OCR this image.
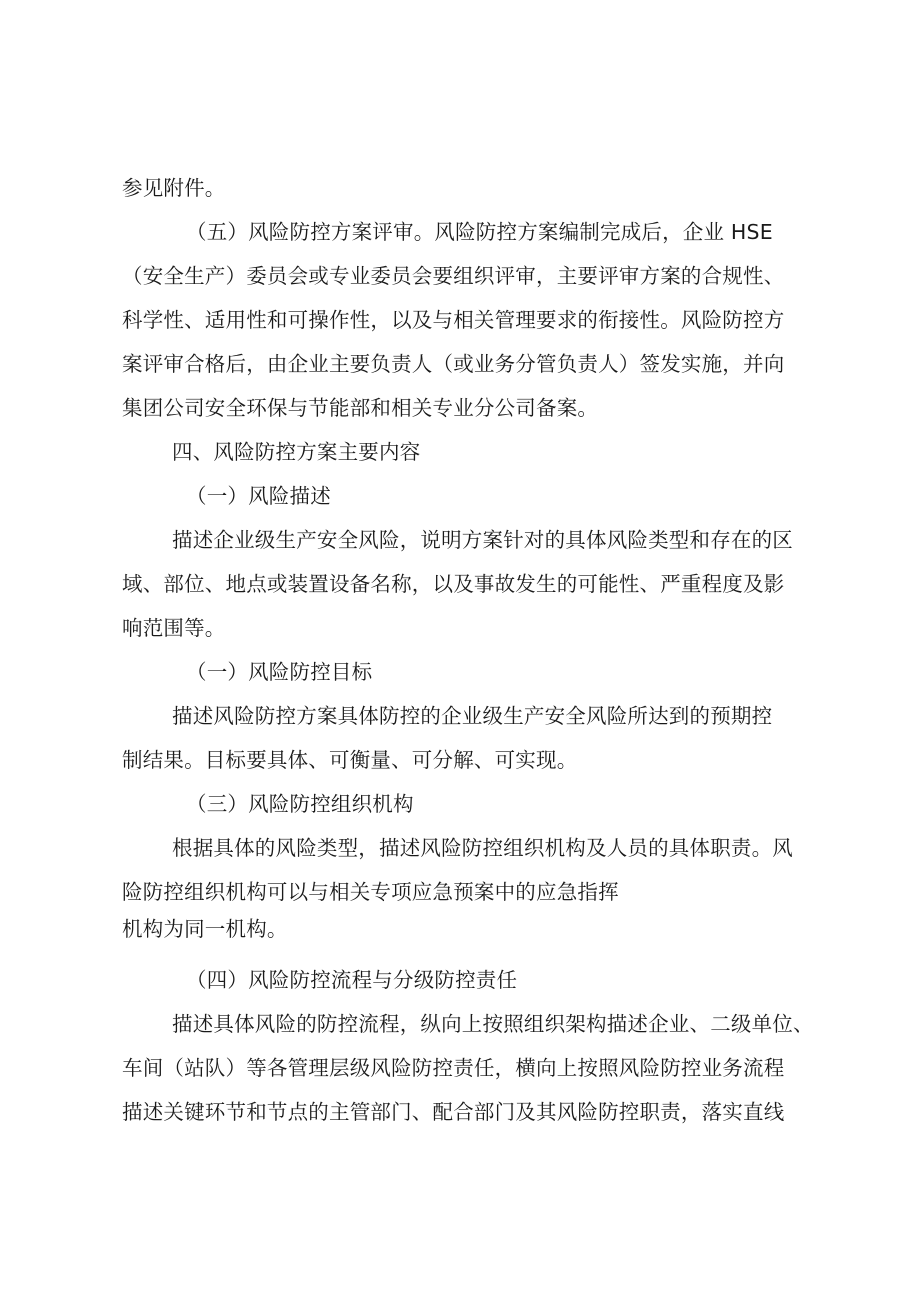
参见附件。
（五）风险防控方案评审。风险防控方案编制完成后，企业 HSE
（安全生产）委员会或专业委员会要组织评审，主要评审方案的合规性、
科学性、适用性和可操作性，以及与相关管理要求的衔接性。风险防控方
案评审合格后，由企业主要负责人（或业务分管负责人）签发实施，并向
集团公司安全环保与节能部和相关专业分公司备案。
四、风险防控方案主要内容
（一）风险描述
描述企业级生产安全风险，说明方案针对的具体风险类型和存在的区
域、部位、地点或装置设备名称，以及事故发生的可能性、严重程度及影
响范围等。
（一）风险防控目标
描述风险防控方案具体防控的企业级生产安全风险所达到的预期控
制结果。目标要具体、可衡量、可分解、可实现。
（三）风险防控组织机构
根据具体的风险类型，描述风险防控组织机构及人员的具体职责。风
险防控组织机构可以与相关专项应急预案中的应急指挥
机构为同一机构。
（四）风险防控流程与分级防控责任
描述具体风险的防控流程，纵向上按照组织架构描述企业、二级单位、
车间（站队）等各管理层级风险防控责任，横向上按照风险防控业务流程
描述关键环节和节点的主管部门、配合部门及其风险防控职责，落实直线
